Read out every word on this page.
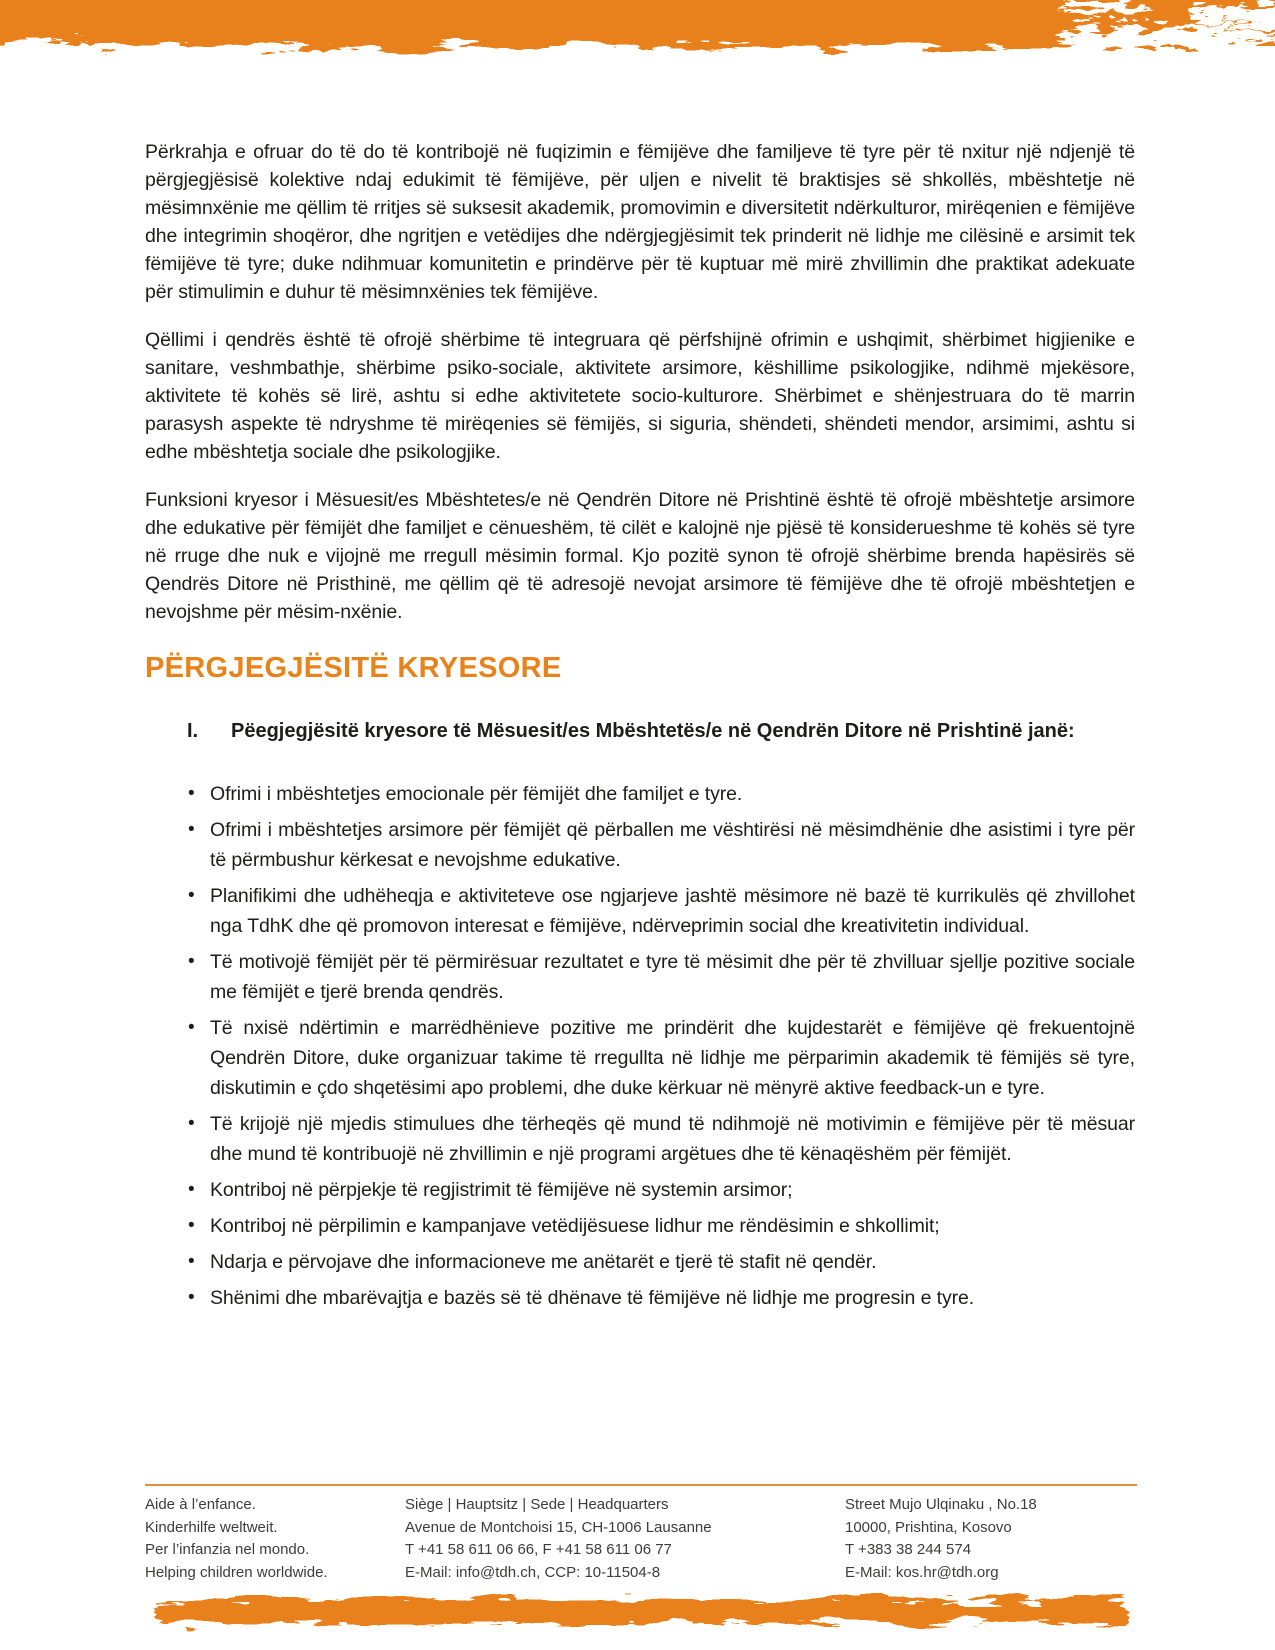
Përkrahja e ofruar do të do të kontribojë në fuqizimin e fëmijëve dhe familjeve të tyre për të nxitur një ndjenjë të përgjegjësisë kolektive ndaj edukimit të fëmijëve, për uljen e nivelit të braktisjes së shkollës, mbështetje në mësimnxënie me qëllim të rritjes së suksesit akademik, promovimin e diversitetit ndërkulturor, mirëqenien e fëmijëve dhe integrimin shoqëror, dhe ngritjen e vetëdijes dhe ndërgjegjësimit tek prinderit në lidhje me cilësinë e arsimit tek fëmijëve të tyre; duke ndihmuar komunitetin e prindërve për të kuptuar më mirë zhvillimin dhe praktikat adekuate për stimulimin e duhur të mësimnxënies tek fëmijëve.

Qëllimi i qendrës është të ofrojë shërbime të integruara që përfshijnë ofrimin e ushqimit, shërbimet higjienike e sanitare, veshmbathje, shërbime psiko-sociale, aktivitete arsimore, këshillime psikologjike, ndihmë mjekësore, aktivitete të kohës së lirë, ashtu si edhe aktivitetete socio-kulturore. Shërbimet e shënjestruara do të marrin parasysh aspekte të ndryshme të mirëqenies së fëmijës, si siguria, shëndeti, shëndeti mendor, arsimimi, ashtu si edhe mbështetja sociale dhe psikologjike.

Funksioni kryesor i Mësuesit/es Mbështetes/e në Qendrën Ditore në Prishtinë është të ofrojë mbështetje arsimore dhe edukative për fëmijët dhe familjet e cënueshëm, të cilët e kalojnë nje pjësë të konsiderueshme të kohës së tyre në rruge dhe nuk e vijojnë me rregull mësimin formal. Kjo pozitë synon të ofrojë shërbime brenda hapësirës së Qendrës Ditore në Pristhinë, me qëllim që të adresojë nevojat arsimore të fëmijëve dhe të ofrojë mbështetjen e nevojshme për mësim-nxënie.

PËRGJEGJËSITË KRYESORE
I.	Pëegjegjësitë kryesore të Mësuesit/es Mbështetës/e në Qendrën Ditore në Prishtinë janë:
• Ofrimi i mbështetjes emocionale për fëmijët dhe familjet e tyre.
• Ofrimi i mbështetjes arsimore për fëmijët që përballen me vështirësi në mësimdhënie dhe asistimi i tyre për të përmbushur kërkesat e nevojshme edukative.
• Planifikimi dhe udhëheqja e aktiviteteve ose ngjarjeve jashtë mësimore në bazë të kurrikulës që zhvillohet nga TdhK dhe që promovon interesat e fëmijëve, ndërveprimin social dhe kreativitetin individual.
• Të motivojë fëmijët për të përmirësuar rezultatet e tyre të mësimit dhe për të zhvilluar sjellje pozitive sociale me fëmijët e tjerë brenda qendrës.
• Të nxisë ndërtimin e marrëdhënieve pozitive me prindërit dhe kujdestarët e fëmijëve që frekuentojnë Qendrën Ditore, duke organizuar takime të rregullta në lidhje me përparimin akademik të fëmijës së tyre, diskutimin e çdo shqetësimi apo problemi, dhe duke kërkuar në mënyrë aktive feedback-un e tyre.
• Të krijojë një mjedis stimulues dhe tërheqës që mund të ndihmojë në motivimin e fëmijëve për të mësuar dhe mund të kontribuojë në zhvillimin e një programi argëtues dhe të kënaqëshëm për fëmijët.
• Kontriboj në përpjekje të regjistrimit të fëmijëve në systemin arsimor;
• Kontriboj në përpilimin e kampanjave vetëdijësuese lidhur me rëndësimin e shkollimit;
• Ndarja e përvojave dhe informacioneve me anëtarët e tjerë të stafit në qendër.
• Shënimi dhe mbarëvajtja e bazës së të dhënave të fëmijëve në lidhje me progresin e tyre.
Aide à l’enfance.
Kinderhilfe weltweit.
Per l’infanzia nel mondo.
Helping children worldwide.
Siège | Hauptsitz | Sede | Headquarters
Avenue de Montchoisi 15, CH-1006 Lausanne
T +41 58 611 06 66, F +41 58 611 06 77
E-Mail: info@tdh.ch, CCP: 10-11504-8
Street Mujo Ulqinaku , No.18
10000, Prishtina, Kosovo
T +383 38 244 574
E-Mail: kos.hr@tdh.org
